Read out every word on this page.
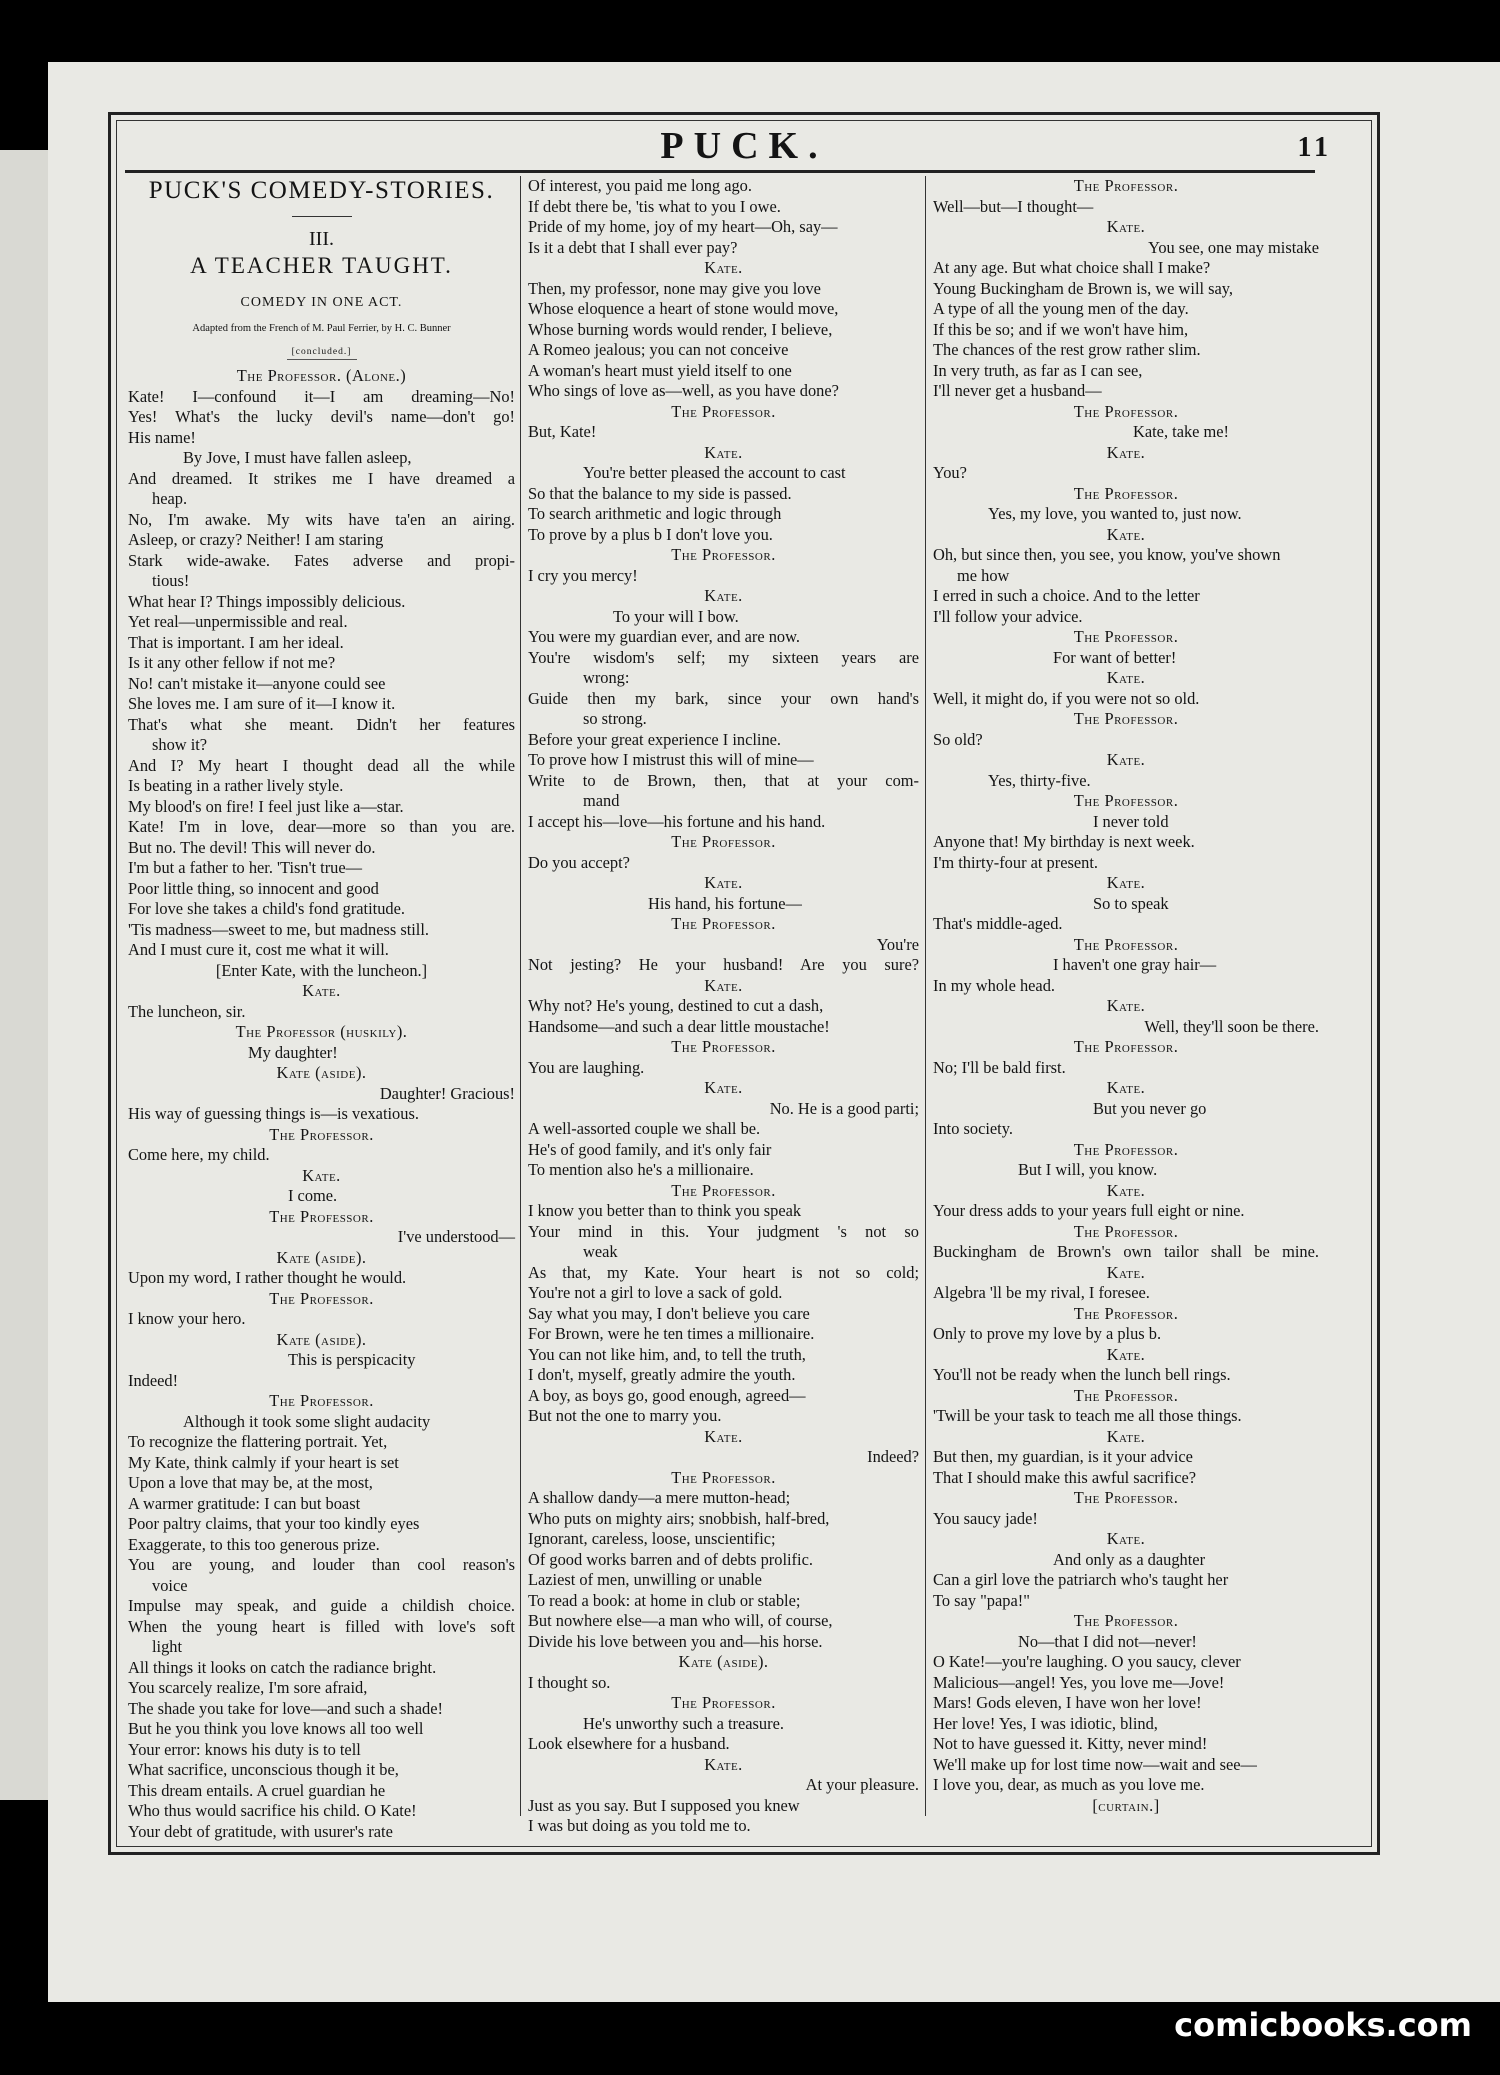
PUCK.	11
PUCK'S COMEDY-STORIES.
III.
A TEACHER TAUGHT.
COMEDY IN ONE ACT.
Adapted from the French of M. Paul Ferrier, by H. C. Bunner
[concluded.]
The Professor. (Alone.)
Kate! I—confound it—I am dreaming—No!
Yes! What's the lucky devil's name—don't go!
His name!
By Jove, I must have fallen asleep,
And dreamed. It strikes me I have dreamed a
heap.
No, I'm awake. My wits have ta'en an airing.
Asleep, or crazy? Neither! I am staring
Stark wide-awake. Fates adverse and propi-
tious!
What hear I? Things impossibly delicious.
Yet real—unpermissible and real.
That is important. I am her ideal.
Is it any other fellow if not me?
No! can't mistake it—anyone could see
She loves me. I am sure of it—I know it.
That's what she meant. Didn't her features
show it?
And I? My heart I thought dead all the while
Is beating in a rather lively style.
My blood's on fire! I feel just like a—star.
Kate! I'm in love, dear—more so than you are.
But no. The devil! This will never do.
I'm but a father to her. 'Tisn't true—
Poor little thing, so innocent and good
For love she takes a child's fond gratitude.
'Tis madness—sweet to me, but madness still.
And I must cure it, cost me what it will.
[Enter Kate, with the luncheon.]
Kate.
The luncheon, sir.
The Professor (huskily).
My daughter!
Kate (aside).
Daughter! Gracious!
His way of guessing things is—is vexatious.
The Professor.
Come here, my child.
Kate.
I come.
The Professor.
I've understood—
Kate (aside).
Upon my word, I rather thought he would.
The Professor.
I know your hero.
Kate (aside).
This is perspicacity
Indeed!
The Professor.
Although it took some slight audacity
To recognize the flattering portrait. Yet,
My Kate, think calmly if your heart is set
Upon a love that may be, at the most,
A warmer gratitude: I can but boast
Poor paltry claims, that your too kindly eyes
Exaggerate, to this too generous prize.
You are young, and louder than cool reason's
voice
Impulse may speak, and guide a childish choice.
When the young heart is filled with love's soft
light
All things it looks on catch the radiance bright.
You scarcely realize, I'm sore afraid,
The shade you take for love—and such a shade!
But he you think you love knows all too well
Your error: knows his duty is to tell
What sacrifice, unconscious though it be,
This dream entails. A cruel guardian he
Who thus would sacrifice his child. O Kate!
Your debt of gratitude, with usurer's rate
Of interest, you paid me long ago.
If debt there be, 'tis what to you I owe.
Pride of my home, joy of my heart—Oh, say—
Is it a debt that I shall ever pay?
Kate.
Then, my professor, none may give you love
Whose eloquence a heart of stone would move,
Whose burning words would render, I believe,
A Romeo jealous; you can not conceive
A woman's heart must yield itself to one
Who sings of love as—well, as you have done?
The Professor.
But, Kate!
Kate.
You're better pleased the account to cast
So that the balance to my side is passed.
To search arithmetic and logic through
To prove by a plus b I don't love you.
The Professor.
I cry you mercy!
Kate.
To your will I bow.
You were my guardian ever, and are now.
You're wisdom's self; my sixteen years are
wrong:
Guide then my bark, since your own hand's
so strong.
Before your great experience I incline.
To prove how I mistrust this will of mine—
Write to de Brown, then, that at your com-
mand
I accept his—love—his fortune and his hand.
The Professor.
Do you accept?
Kate.
His hand, his fortune—
The Professor.
You're
Not jesting? He your husband! Are you sure?
Kate.
Why not? He's young, destined to cut a dash,
Handsome—and such a dear little moustache!
The Professor.
You are laughing.
Kate.
No. He is a good parti;
A well-assorted couple we shall be.
He's of good family, and it's only fair
To mention also he's a millionaire.
The Professor.
I know you better than to think you speak
Your mind in this. Your judgment 's not so
weak
As that, my Kate. Your heart is not so cold;
You're not a girl to love a sack of gold.
Say what you may, I don't believe you care
For Brown, were he ten times a millionaire.
You can not like him, and, to tell the truth,
I don't, myself, greatly admire the youth.
A boy, as boys go, good enough, agreed—
But not the one to marry you.
Kate.
Indeed?
The Professor.
A shallow dandy—a mere mutton-head;
Who puts on mighty airs; snobbish, half-bred,
Ignorant, careless, loose, unscientific;
Of good works barren and of debts prolific.
Laziest of men, unwilling or unable
To read a book: at home in club or stable;
But nowhere else—a man who will, of course,
Divide his love between you and—his horse.
Kate (aside).
I thought so.
The Professor.
He's unworthy such a treasure.
Look elsewhere for a husband.
Kate.
At your pleasure.
Just as you say. But I supposed you knew
I was but doing as you told me to.
The Professor.
Well—but—I thought—
Kate.
You see, one may mistake
At any age. But what choice shall I make?
Young Buckingham de Brown is, we will say,
A type of all the young men of the day.
If this be so; and if we won't have him,
The chances of the rest grow rather slim.
In very truth, as far as I can see,
I'll never get a husband—
The Professor.
Kate, take me!
Kate.
You?
The Professor.
Yes, my love, you wanted to, just now.
Kate.
Oh, but since then, you see, you know, you've shown
me how
I erred in such a choice. And to the letter
I'll follow your advice.
The Professor.
For want of better!
Kate.
Well, it might do, if you were not so old.
The Professor.
So old?
Kate.
Yes, thirty-five.
The Professor.
I never told
Anyone that! My birthday is next week.
I'm thirty-four at present.
Kate.
So to speak
That's middle-aged.
The Professor.
I haven't one gray hair—
In my whole head.
Kate.
Well, they'll soon be there.
The Professor.
No; I'll be bald first.
Kate.
But you never go
Into society.
The Professor.
But I will, you know.
Kate.
Your dress adds to your years full eight or nine.
The Professor.
Buckingham de Brown's own tailor shall be mine.
Kate.
Algebra 'll be my rival, I foresee.
The Professor.
Only to prove my love by a plus b.
Kate.
You'll not be ready when the lunch bell rings.
The Professor.
'Twill be your task to teach me all those things.
Kate.
But then, my guardian, is it your advice
That I should make this awful sacrifice?
The Professor.
You saucy jade!
Kate.
And only as a daughter
Can a girl love the patriarch who's taught her
To say "papa!"
The Professor.
No—that I did not—never!
O Kate!—you're laughing. O you saucy, clever
Malicious—angel! Yes, you love me—Jove!
Mars! Gods eleven, I have won her love!
Her love! Yes, I was idiotic, blind,
Not to have guessed it. Kitty, never mind!
We'll make up for lost time now—wait and see—
I love you, dear, as much as you love me.
[curtain.]
comicbooks.com
